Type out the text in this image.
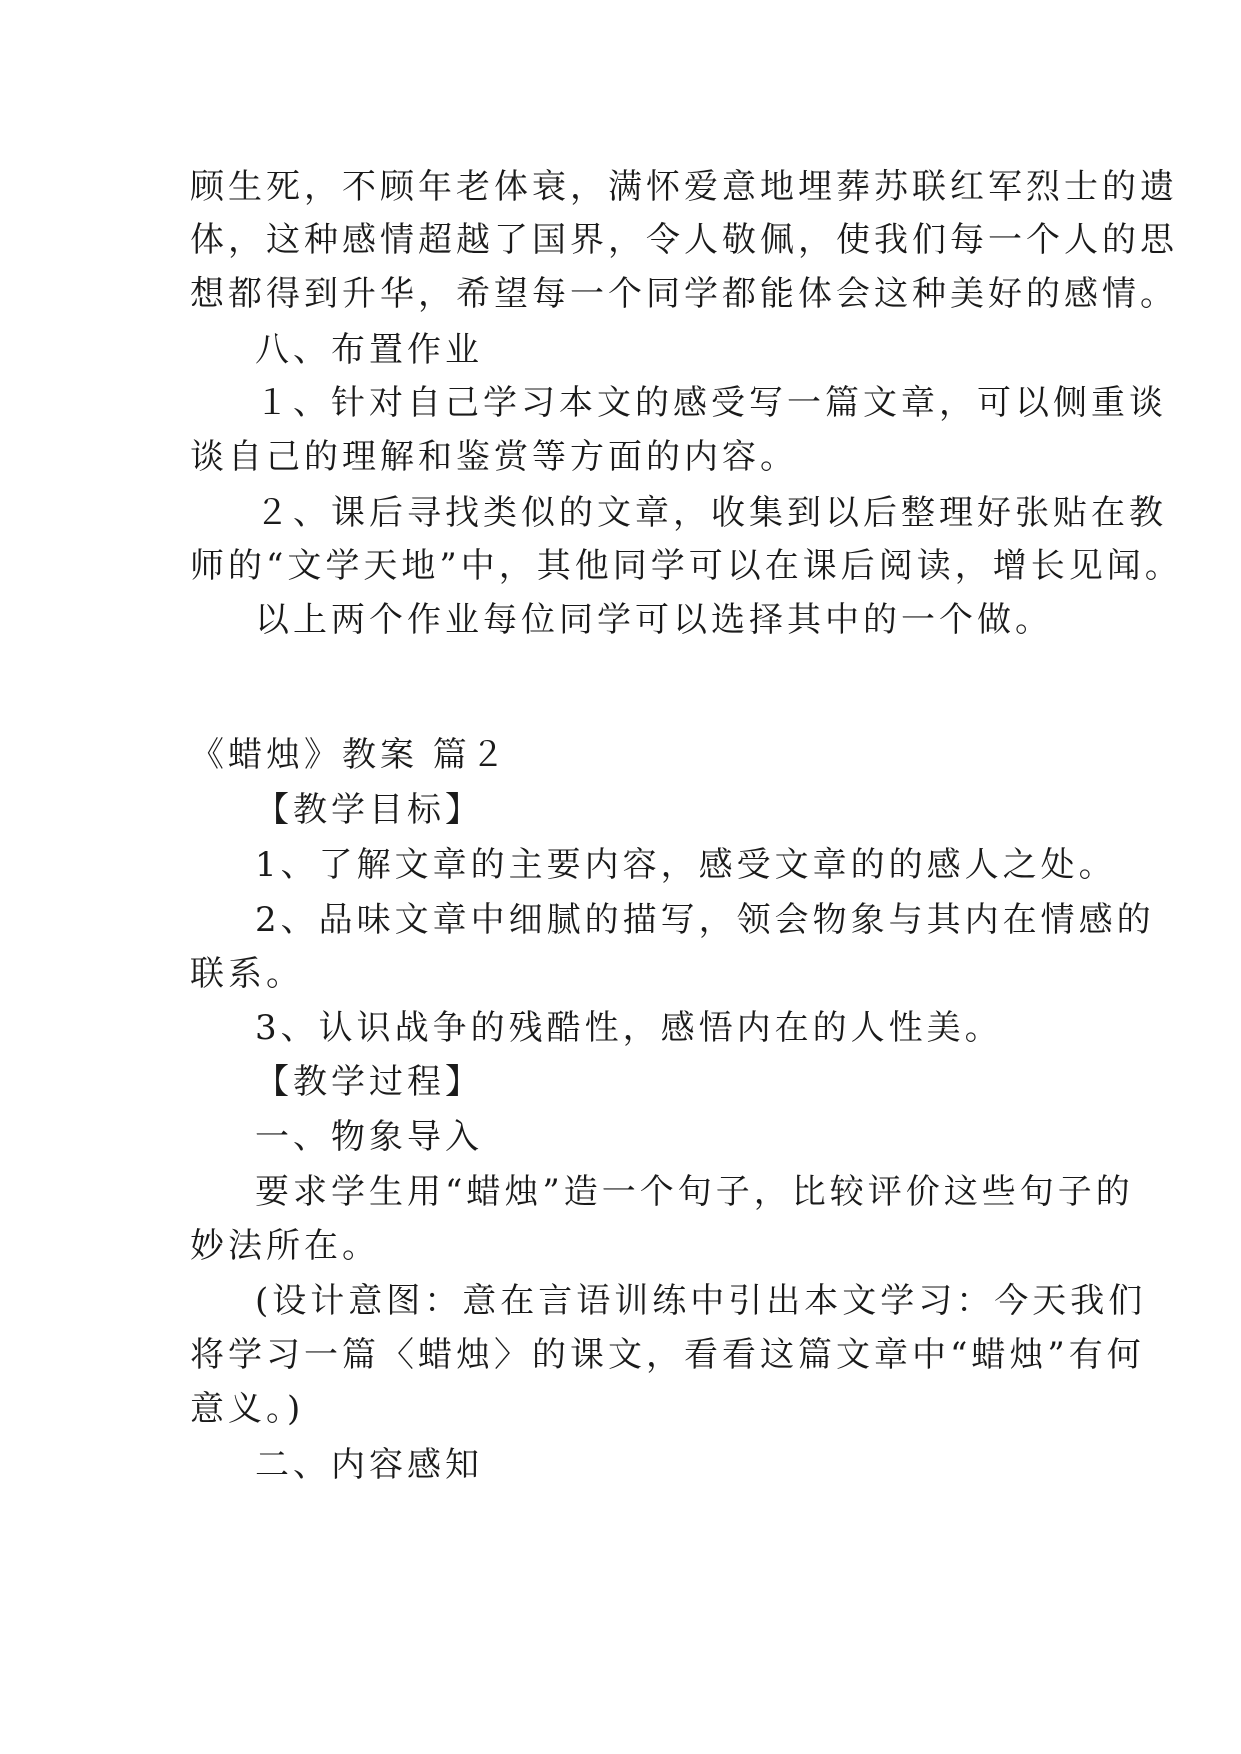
顾生死，不顾年老体衰，满怀爱意地埋葬苏联红军烈士的遗
体，这种感情超越了国界，令人敬佩，使我们每一个人的思
想都得到升华，希望每一个同学都能体会这种美好的感情。
八、布置作业
１、针对自己学习本文的感受写一篇文章，可以侧重谈
谈自己的理解和鉴赏等方面的内容。
２、课后寻找类似的文章，收集到以后整理好张贴在教
师的“文学天地”中，其他同学可以在课后阅读，增长见闻。
以上两个作业每位同学可以选择其中的一个做。
《蜡烛》教案 篇２
【教学目标】
1、了解文章的主要内容，感受文章的的感人之处。
2、品味文章中细腻的描写，领会物象与其内在情感的
联系。
3、认识战争的残酷性，感悟内在的人性美。
【教学过程】
一、物象导入
要求学生用“蜡烛”造一个句子，比较评价这些句子的
妙法所在。
(设计意图：意在言语训练中引出本文学习：今天我们
将学习一篇〈蜡烛〉的课文，看看这篇文章中“蜡烛”有何
意义。)
二、内容感知
